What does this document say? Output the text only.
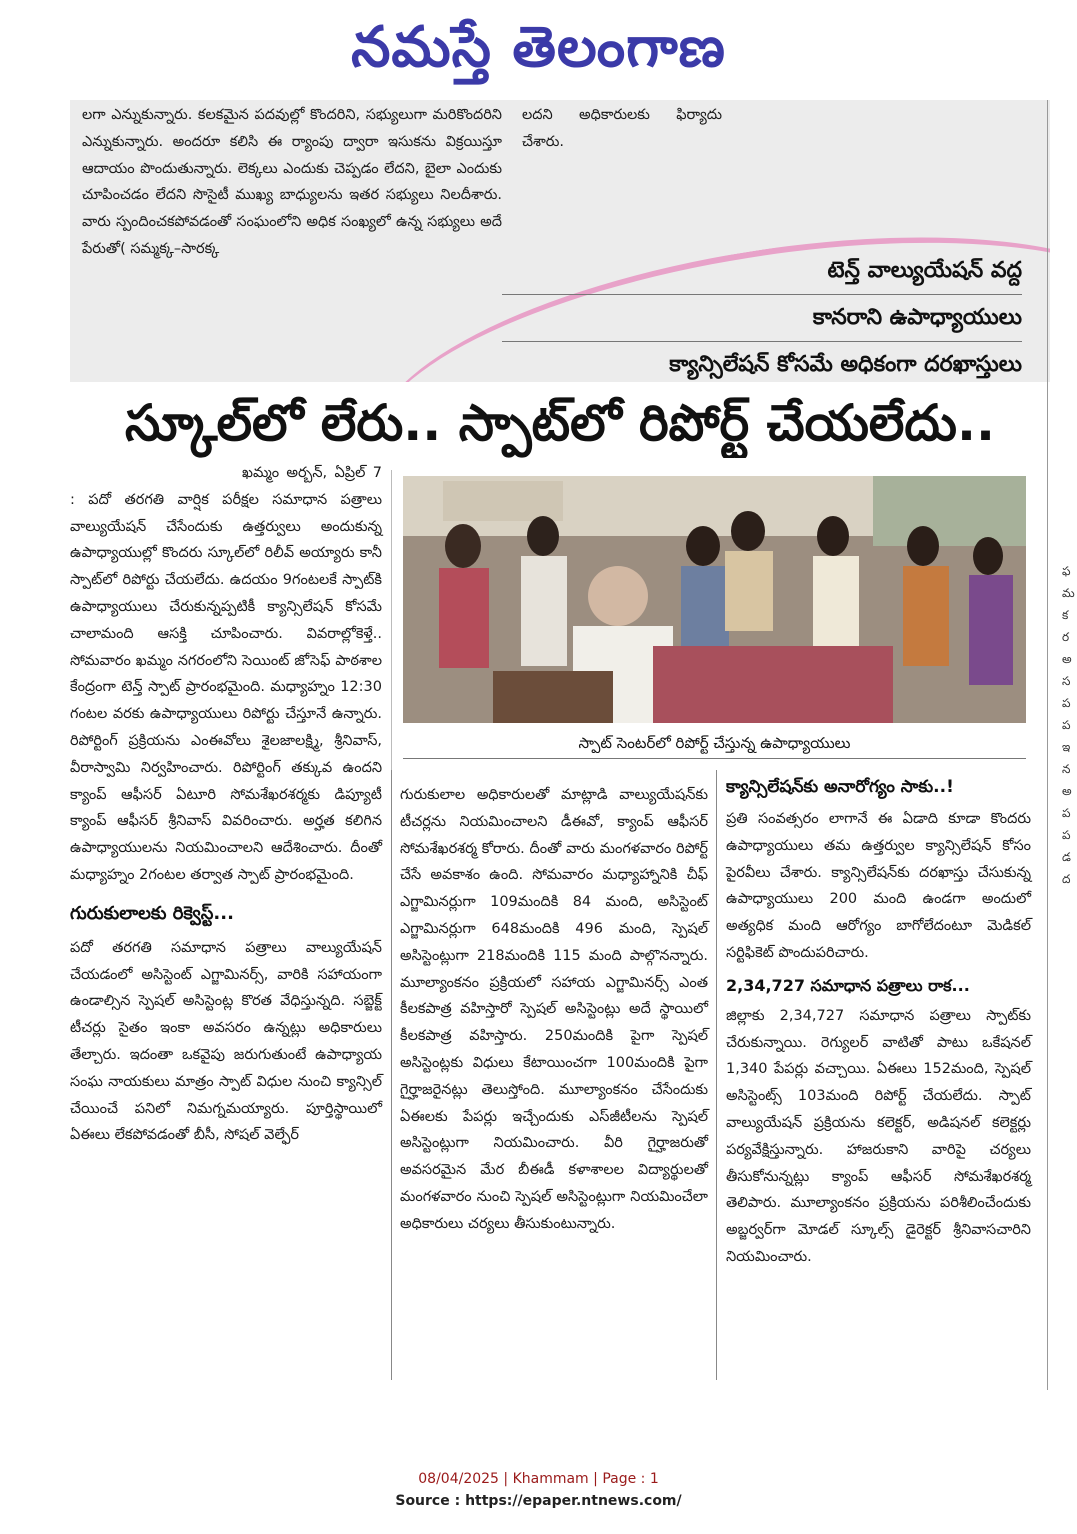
నమస్తే తెలంగాణ
లగా ఎన్నుకున్నారు. కలకమైన పదవుల్లో కొందరిని, సభ్యులుగా మరికొందరిని ఎన్నుకున్నారు. అందరూ కలిసి ఈ ర్యాంపు ద్వారా ఇసుకను విక్రయిస్తూ ఆదాయం పొందుతున్నారు. లెక్కలు ఎందుకు చెప్పడం లేదని, బైలా ఎందుకు చూపించడం లేదని సొసైటీ ముఖ్య బాధ్యులను ఇతర సభ్యులు నిలదీశారు. వారు స్పందించకపోవడంతో సంఘంలోని అధిక సంఖ్యలో ఉన్న సభ్యులు అదే పేరుతో( సమ్మక్క–సారక్క
లదని అధికారులకు ఫిర్యాదు చేశారు.
టెన్త్‌ వాల్యుయేషన్‌ వద్ద
కానరాని ఉపాధ్యాయులు
క్యాన్సిలేషన్‌ కోసమే అధికంగా దరఖాస్తులు
ఫ మ క ర అ స ప ప ఇ న అ ప ప డ ద
స్కూల్‌లో లేరు.. స్పాట్‌లో రిపోర్ట్‌ చేయలేదు..
ఖమ్మం అర్బన్‌, ఏప్రిల్‌ 7 : పదో తరగతి వార్షిక పరీక్షల సమాధాన పత్రాలు వాల్యుయేషన్‌ చేసేందుకు ఉత్తర్వులు అందుకున్న ఉపాధ్యాయుల్లో కొందరు స్కూల్‌లో రిలీవ్‌ అయ్యారు కానీ స్పాట్‌లో రిపోర్టు చేయలేదు. ఉదయం 9గంటలకే స్పాట్‌కి ఉపాధ్యాయులు చేరుకున్నప్పటికీ క్యాన్సిలేషన్‌ కోసమే చాలామంది ఆసక్తి చూపించారు. వివరాల్లోకెళ్తే.. సోమవారం ఖమ్మం నగరంలోని సెయింట్‌ జోసెఫ్‌ పాఠశాల కేంద్రంగా టెన్త్‌ స్పాట్‌ ప్రారంభమైంది. మధ్యాహ్నం 12:30 గంటల వరకు ఉపాధ్యాయులు రిపోర్టు చేస్తూనే ఉన్నారు. రిపోర్టింగ్‌ ప్రక్రియను ఎంఈవోలు శైలజాలక్ష్మి, శ్రీనివాస్‌, వీరాస్వామి నిర్వహించారు. రిపోర్టింగ్‌ తక్కువ ఉందని క్యాంప్‌ ఆఫీసర్‌ ఏటూరి సోమశేఖరశర్మకు డిప్యూటీ క్యాంప్‌ ఆఫీసర్‌ శ్రీనివాస్‌ వివరించారు. అర్హత కలిగిన ఉపాధ్యాయులను నియమించాలని ఆదేశించారు. దీంతో మధ్యాహ్నం 2గంటల తర్వాత స్పాట్‌ ప్రారంభమైంది.
గురుకులాలకు రిక్వెస్ట్‌...
పదో తరగతి సమాధాన పత్రాలు వాల్యుయేషన్‌ చేయడంలో అసిస్టెంట్‌ ఎగ్జామినర్స్‌, వారికి సహాయంగా ఉండాల్సిన స్పెషల్‌ అసిస్టెంట్ల కొరత వేధిస్తున్నది. సబ్జెక్ట్‌ టీచర్లు సైతం ఇంకా అవసరం ఉన్నట్లు అధికారులు తేల్చారు. ఇదంతా ఒకవైపు జరుగుతుంటే ఉపాధ్యాయ సంఘ నాయకులు మాత్రం స్పాట్‌ విధుల నుంచి క్యాన్సిల్‌ చేయించే పనిలో నిమగ్నమయ్యారు. పూర్తిస్థాయిలో ఏఈలు లేకపోవడంతో బీసీ, సోషల్‌ వెల్ఫేర్‌
స్పాట్‌ సెంటర్‌లో రిపోర్ట్‌ చేస్తున్న ఉపాధ్యాయులు
గురుకులాల అధికారులతో మాట్లాడి వాల్యుయేషన్‌కు టీచర్లను నియమించాలని డీఈవో, క్యాంప్‌ ఆఫీసర్‌ సోమశేఖరశర్మ కోరారు. దీంతో వారు మంగళవారం రిపోర్ట్‌ చేసే అవకాశం ఉంది. సోమవారం మధ్యాహ్నానికి చీఫ్‌ ఎగ్జామినర్లుగా 109మందికి 84 మంది, అసిస్టెంట్‌ ఎగ్జామినర్లుగా 648మందికి 496 మంది, స్పెషల్‌ అసిస్టెంట్లుగా 218మందికి 115 మంది పాల్గొనన్నారు. మూల్యాంకనం ప్రక్రియలో సహాయ ఎగ్జామినర్స్‌ ఎంత కీలకపాత్ర వహిస్తారో స్పెషల్‌ అసిస్టెంట్లు అదే స్థాయిలో కీలకపాత్ర వహిస్తారు. 250మందికి పైగా స్పెషల్‌ అసిస్టెంట్లకు విధులు కేటాయించగా 100మందికి పైగా గైర్హాజరైనట్లు తెలుస్తోంది. మూల్యాంకనం చేసేందుకు ఏఈలకు పేపర్లు ఇచ్చేందుకు ఎస్‌జీటీలను స్పెషల్‌ అసిస్టెంట్లుగా నియమించారు. వీరి గైర్హాజరుతో అవసరమైన మేర బీఈడీ కళాశాలల విద్యార్థులతో మంగళవారం నుంచి స్పెషల్‌ అసిస్టెంట్లుగా నియమించేలా అధికారులు చర్యలు తీసుకుంటున్నారు.
క్యాన్సిలేషన్‌కు అనారోగ్యం సాకు..!
ప్రతి సంవత్సరం లాగానే ఈ ఏడాది కూడా కొందరు ఉపాధ్యాయులు తమ ఉత్తర్వుల క్యాన్సిలేషన్‌ కోసం పైరవీలు చేశారు. క్యాన్సిలేషన్‌కు దరఖాస్తు చేసుకున్న ఉపాధ్యాయులు 200 మంది ఉండగా అందులో అత్యధిక మంది ఆరోగ్యం బాగోలేదంటూ మెడికల్‌ సర్టిఫికెట్‌ పొందుపరిచారు.
2,34,727 సమాధాన పత్రాలు రాక...
జిల్లాకు 2,34,727 సమాధాన పత్రాలు స్పాట్‌కు చేరుకున్నాయి. రెగ్యులర్‌ వాటితో పాటు ఒకేషనల్‌ 1,340 పేపర్లు వచ్చాయి. ఏఈలు 152మంది, స్పెషల్‌ అసిస్టెంట్స్‌ 103మంది రిపోర్ట్‌ చేయలేదు. స్పాట్‌ వాల్యుయేషన్‌ ప్రక్రియను కలెక్టర్‌, అడిషనల్‌ కలెక్టర్లు పర్యవేక్షిస్తున్నారు. హాజరుకాని వారిపై చర్యలు తీసుకోనున్నట్లు క్యాంప్‌ ఆఫీసర్‌ సోమశేఖరశర్మ తెలిపారు. మూల్యాంకనం ప్రక్రియను పరిశీలించేందుకు అబ్జర్వర్‌గా మోడల్‌ స్కూల్స్‌ డైరెక్టర్‌ శ్రీనివాసచారిని నియమించారు.
08/04/2025 | Khammam | Page : 1
Source : https://epaper.ntnews.com/
